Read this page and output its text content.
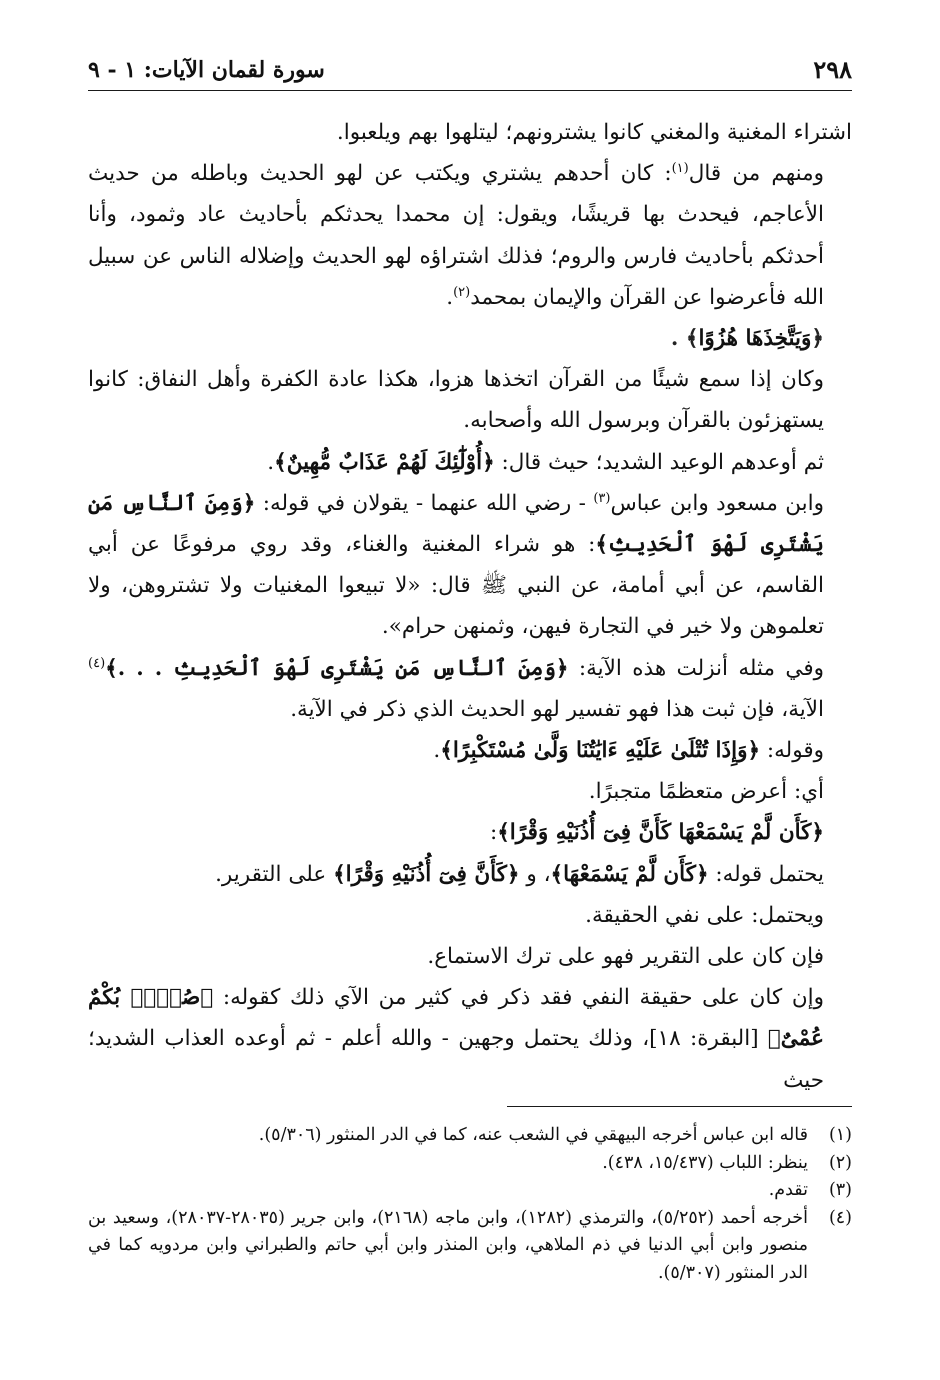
٢٩٨
سورة لقمان الآيات: ١ - ٩

اشتراء المغنية والمغني كانوا يشترونهم؛ ليتلهوا بهم ويلعبوا.

ومنهم من قال$^{(١)}$: كان أحدهم يشتري ويكتب عن لهو الحديث وباطله من حديث الأعاجم، فيحدث بها قريشًا، ويقول: إن محمدا يحدثكم بأحاديث عاد وثمود، وأنا أحدثكم بأحاديث فارس والروم؛ فذلك اشتراؤه لهو الحديث وإضلاله الناس عن سبيل الله فأعرضوا عن القرآن والإيمان بمحمد$^{(٢)}$.

﴿وَيَتَّخِذَهَا هُزُوًا﴾ .

وكان إذا سمع شيئًا من القرآن اتخذها هزوا، هكذا عادة الكفرة وأهل النفاق: كانوا يستهزئون بالقرآن وبرسول الله وأصحابه.

ثم أوعدهم الوعيد الشديد؛ حيث قال: ﴿أُوْلَٰٓئِكَ لَهُمْ عَذَابٌ مُّهِينٌ﴾.

وابن مسعود وابن عباس$^{(٣)}$ - رضي الله عنهما - يقولان في قوله: ﴿وَمِنَ ٱلنَّاسِ مَن يَشْتَرِى لَهْوَ ٱلْحَدِيثِ﴾: هو شراء المغنية والغناء، وقد روي مرفوعًا عن أبي القاسم، عن أبي أمامة، عن النبي ﷺ قال: «لا تبيعوا المغنيات ولا تشتروهن، ولا تعلموهن ولا خير في التجارة فيهن، وثمنهن حرام».

وفي مثله أنزلت هذه الآية: ﴿وَمِنَ ٱلنَّاسِ مَن يَشْتَرِى لَهْوَ ٱلْحَدِيثِ . . .﴾$^{(٤)}$ الآية، فإن ثبت هذا فهو تفسير لهو الحديث الذي ذكر في الآية.

وقوله: ﴿وَإِذَا تُتْلَىٰ عَلَيْهِ ءَايَٰتُنَا وَلَّىٰ مُسْتَكْبِرًا﴾.

أي: أعرض متعظمًا متجبرًا.

﴿كَأَن لَّمْ يَسْمَعْهَا كَأَنَّ فِىٓ أُذُنَيْهِ وَقْرًا﴾:

يحتمل قوله: ﴿كَأَن لَّمْ يَسْمَعْهَا﴾، و ﴿كَأَنَّ فِىٓ أُذُنَيْهِ وَقْرًا﴾ على التقرير.

ويحتمل: على نفي الحقيقة.

فإن كان على التقرير فهو على ترك الاستماع.

وإن كان على حقيقة النفي فقد ذكر في كثير من الآي ذلك كقوله: ﴿صُمٌّۢ بُكْمٌ عُمْىٌ﴾ [البقرة: ١٨]، وذلك يحتمل وجهين - والله أعلم - ثم أوعده العذاب الشديد؛ حيث

(١)
قاله ابن عباس أخرجه البيهقي في الشعب عنه، كما في الدر المنثور (٥/٣٠٦).

(٢)
ينظر: اللباب (١٥/٤٣٧، ٤٣٨).

(٣)
تقدم.

(٤)
أخرجه أحمد (٥/٢٥٢)، والترمذي (١٢٨٢)، وابن ماجه (٢١٦٨)، وابن جرير (٢٨٠٣٥-٢٨٠٣٧)، وسعيد بن منصور وابن أبي الدنيا في ذم الملاهي، وابن المنذر وابن أبي حاتم والطبراني وابن مردويه كما في الدر المنثور (٥/٣٠٧).
